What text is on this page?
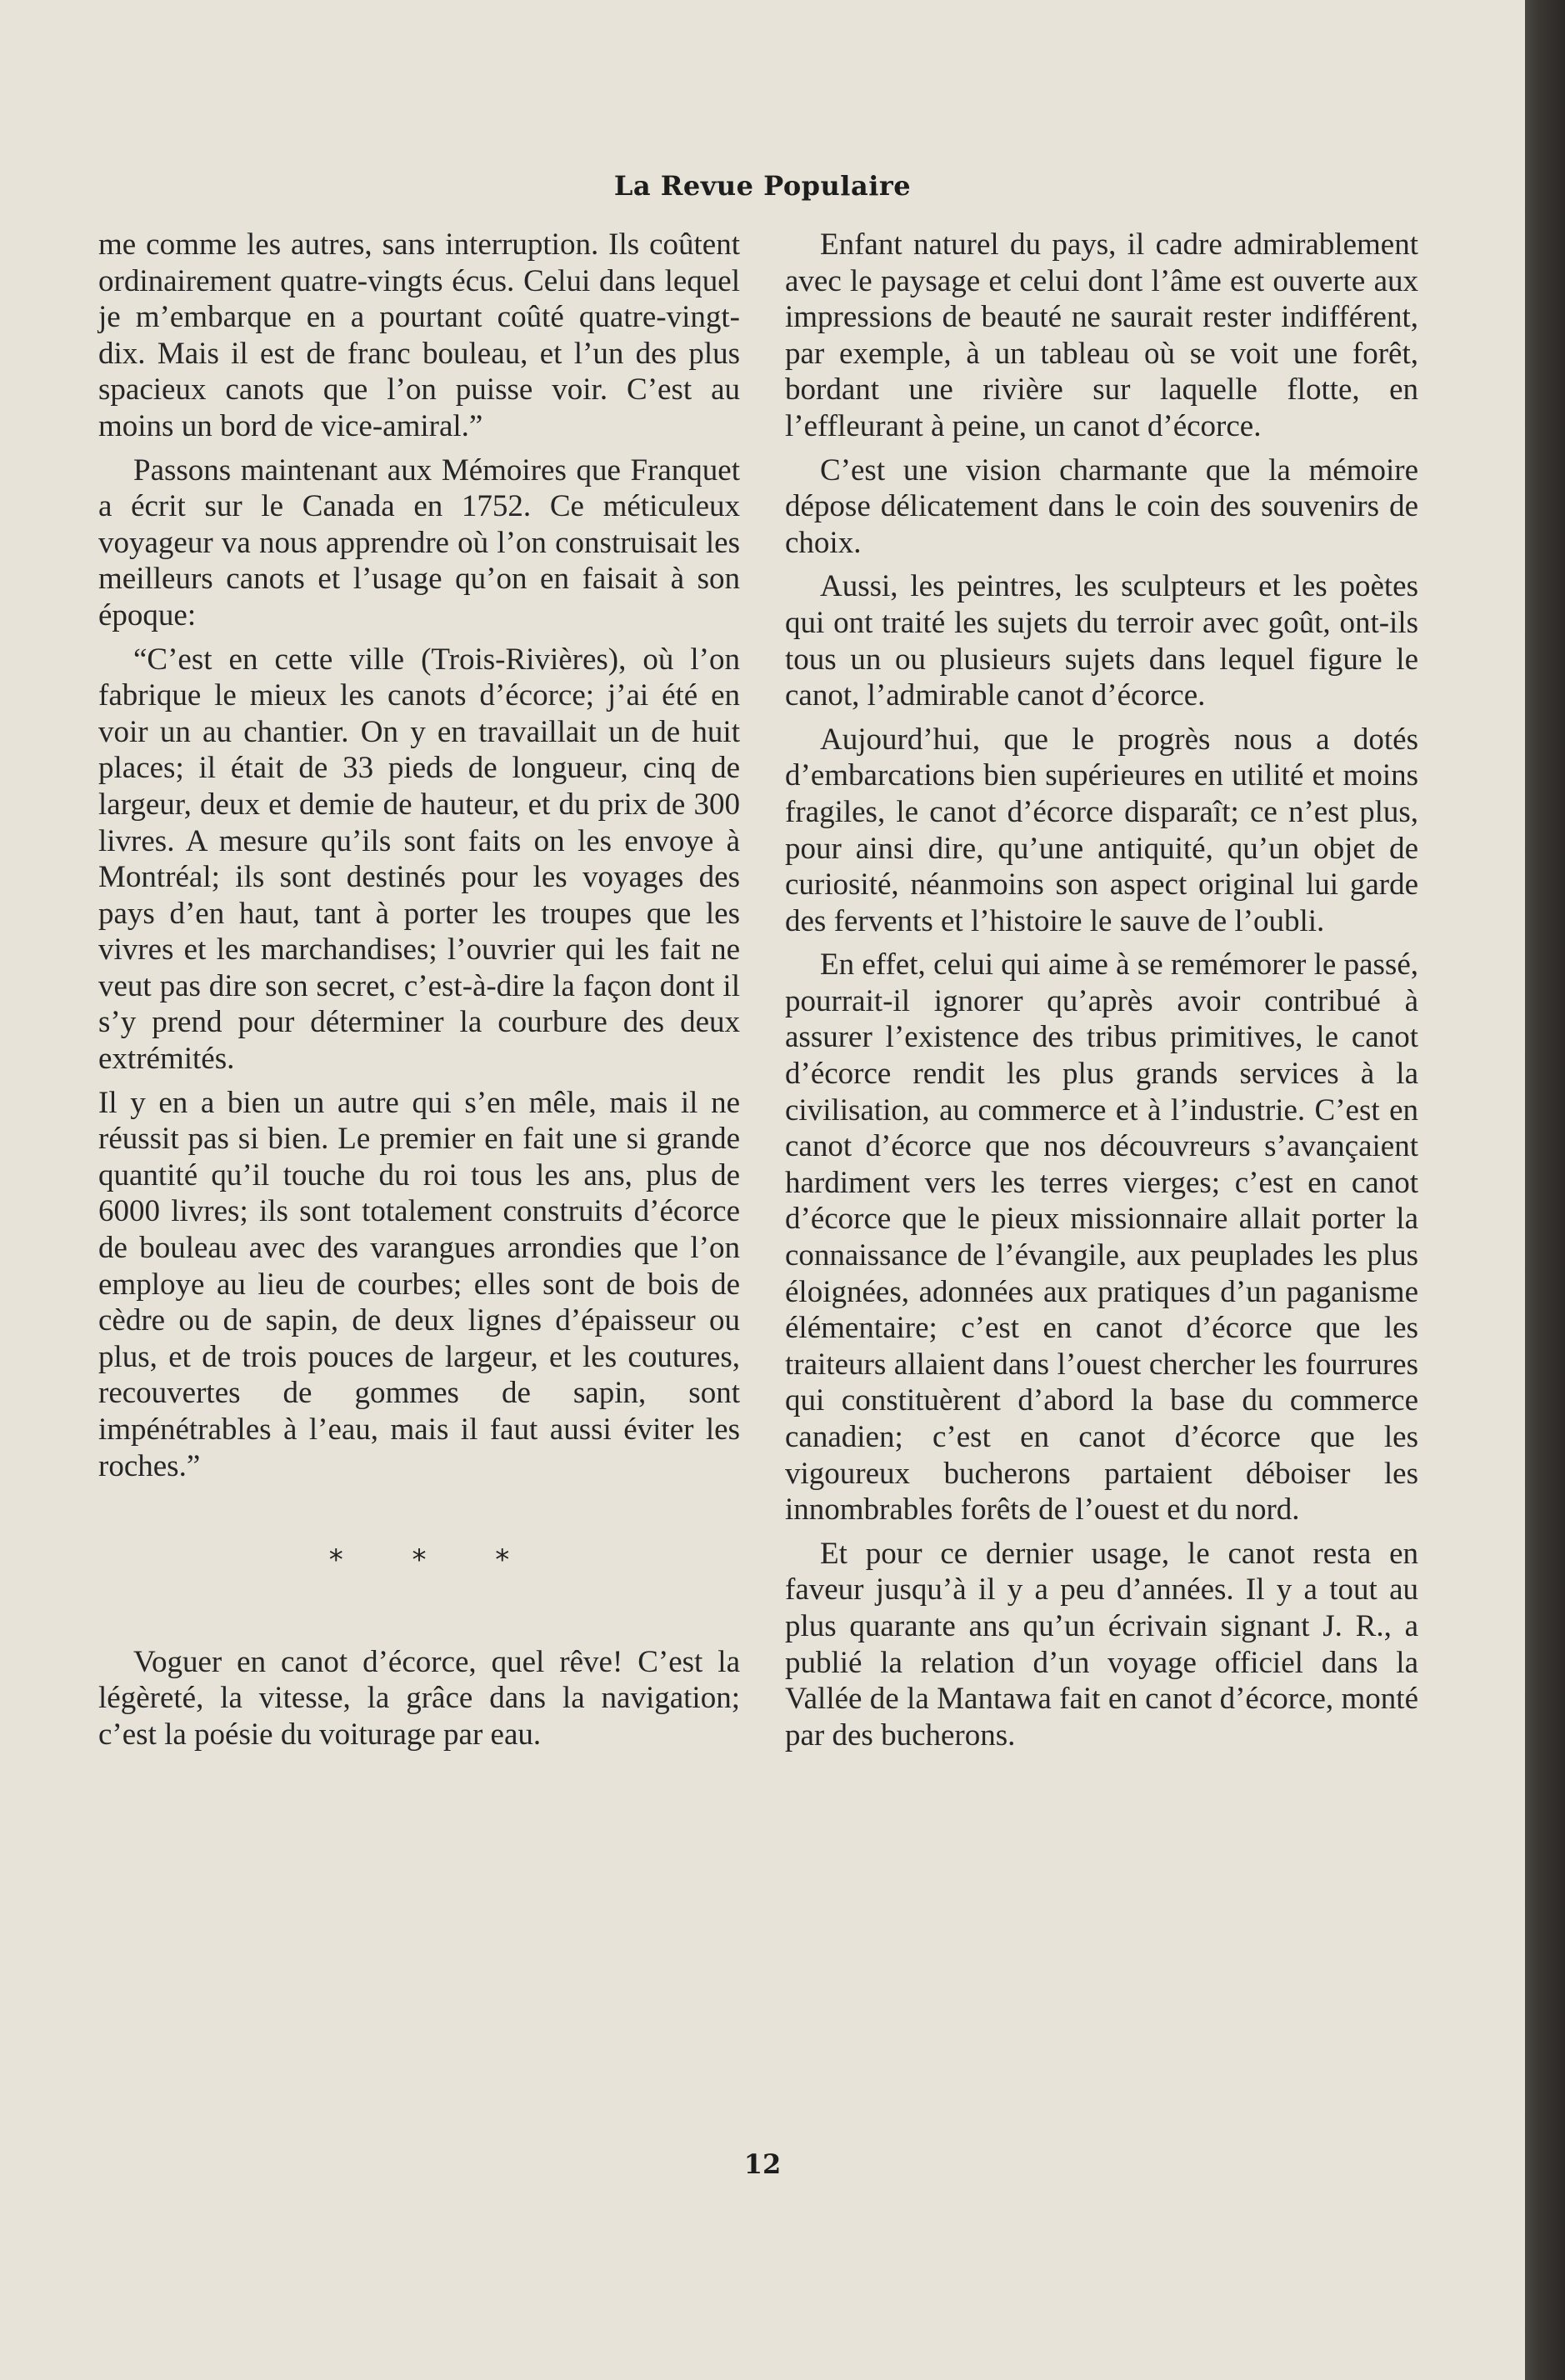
La Revue Populaire

me comme les autres, sans interruption. Ils coûtent ordinairement quatre-vingts écus. Celui dans lequel je m’embarque en a pourtant coûté quatre-vingt-dix. Mais il est de franc bouleau, et l’un des plus spacieux canots que l’on puisse voir. C’est au moins un bord de vice-amiral.”

Passons maintenant aux Mémoires que Franquet a écrit sur le Canada en 1752. Ce méticuleux voyageur va nous apprendre où l’on construisait les meilleurs canots et l’usage qu’on en faisait à son époque:

“C’est en cette ville (Trois-Rivières), où l’on fabrique le mieux les canots d’écorce; j’ai été en voir un au chantier. On y en travaillait un de huit places; il était de 33 pieds de longueur, cinq de largeur, deux et demie de hauteur, et du prix de 300 livres. A mesure qu’ils sont faits on les envoye à Montréal; ils sont destinés pour les voyages des pays d’en haut, tant à porter les troupes que les vivres et les marchandises; l’ouvrier qui les fait ne veut pas dire son secret, c’est-à-dire la façon dont il s’y prend pour déterminer la courbure des deux extrémités.

Il y en a bien un autre qui s’en mêle, mais il ne réussit pas si bien. Le premier en fait une si grande quantité qu’il touche du roi tous les ans, plus de 6000 livres; ils sont totalement construits d’écorce de bouleau avec des varangues arrondies que l’on employe au lieu de courbes; elles sont de bois de cèdre ou de sapin, de deux lignes d’épaisseur ou plus, et de trois pouces de largeur, et les coutures, recouvertes de gommes de sapin, sont impénétrables à l’eau, mais il faut aussi éviter les roches.”

* * *

Voguer en canot d’écorce, quel rêve! C’est la légèreté, la vitesse, la grâce dans la navigation; c’est la poésie du voiturage par eau.

Enfant naturel du pays, il cadre admirablement avec le paysage et celui dont l’âme est ouverte aux impressions de beauté ne saurait rester indifférent, par exemple, à un tableau où se voit une forêt, bordant une rivière sur laquelle flotte, en l’effleurant à peine, un canot d’écorce.

C’est une vision charmante que la mémoire dépose délicatement dans le coin des souvenirs de choix.

Aussi, les peintres, les sculpteurs et les poètes qui ont traité les sujets du terroir avec goût, ont-ils tous un ou plusieurs sujets dans lequel figure le canot, l’admirable canot d’écorce.

Aujourd’hui, que le progrès nous a dotés d’embarcations bien supérieures en utilité et moins fragiles, le canot d’écorce disparaît; ce n’est plus, pour ainsi dire, qu’une antiquité, qu’un objet de curiosité, néanmoins son aspect original lui garde des fervents et l’histoire le sauve de l’oubli.

En effet, celui qui aime à se remémorer le passé, pourrait-il ignorer qu’après avoir contribué à assurer l’existence des tribus primitives, le canot d’écorce rendit les plus grands services à la civilisation, au commerce et à l’industrie. C’est en canot d’écorce que nos découvreurs s’avançaient hardiment vers les terres vierges; c’est en canot d’écorce que le pieux missionnaire allait porter la connaissance de l’évangile, aux peuplades les plus éloignées, adonnées aux pratiques d’un paganisme élémentaire; c’est en canot d’écorce que les traiteurs allaient dans l’ouest chercher les fourrures qui constituèrent d’abord la base du commerce canadien; c’est en canot d’écorce que les vigoureux bucherons partaient déboiser les innombrables forêts de l’ouest et du nord.

Et pour ce dernier usage, le canot resta en faveur jusqu’à il y a peu d’années. Il y a tout au plus quarante ans qu’un écrivain signant J. R., a publié la relation d’un voyage officiel dans la Vallée de la Mantawa fait en canot d’écorce, monté par des bucherons.

12
